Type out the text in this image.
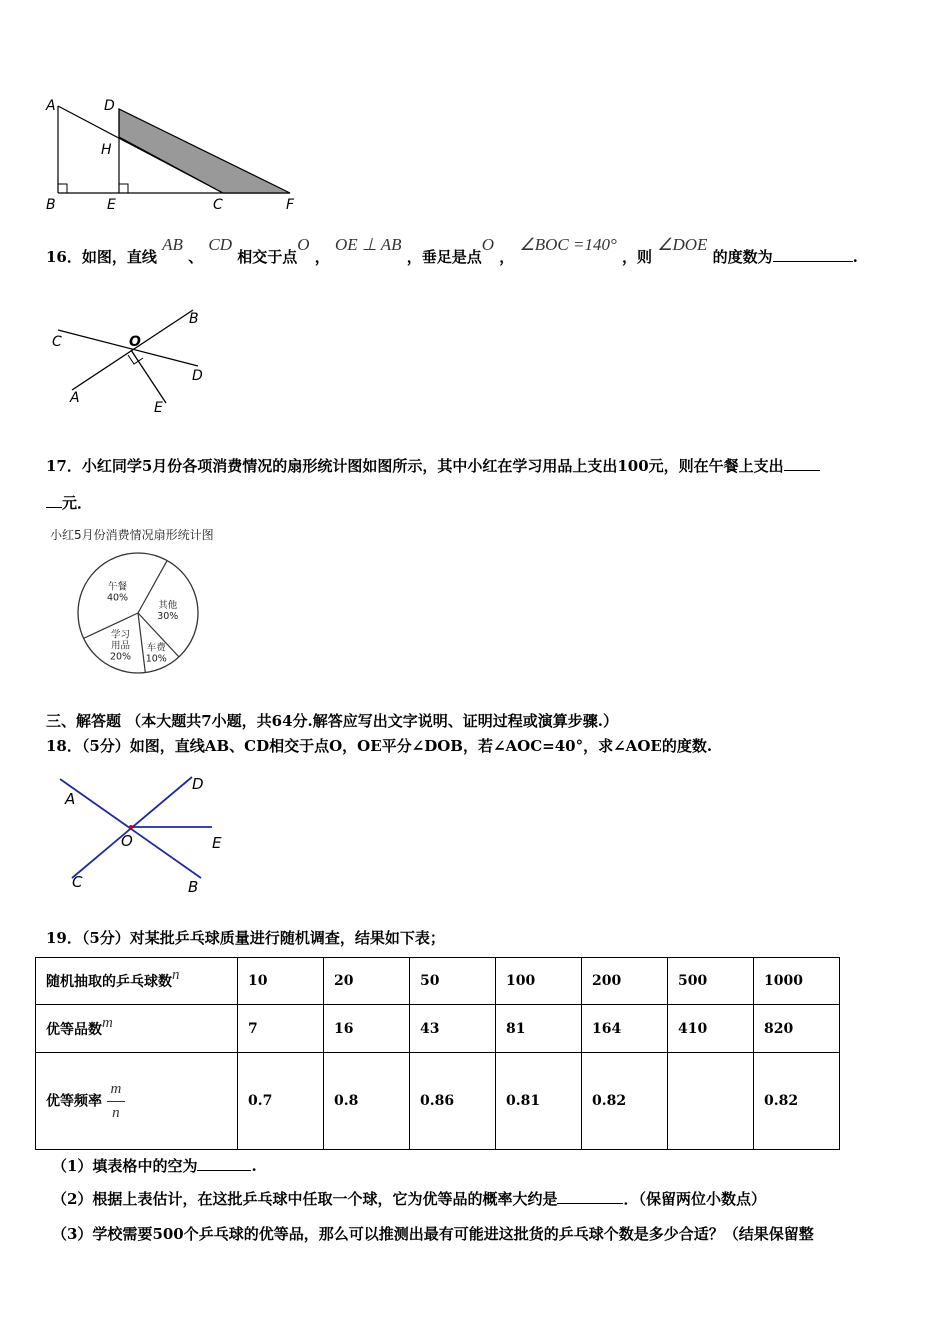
A	D
H
B	E	C	F
16．如图，直线 AB 、 CD 相交于点O ， OE ⊥ AB ，垂足是点O ， ∠BOC =140° ，则 ∠DOE 的度数为	.
C	O
B
D
A
E
17．小红同学5月份各项消费情况的扇形统计图如图所示，其中小红在学习用品上支出100元，则在午餐上支出
元．
小红5月份消费情况扇形统计图
午餐
40%
其他
30%
车费
10%
学习
用品
20%
三、解答题 （本大题共7小题，共64分.解答应写出文字说明、证明过程或演算步骤.）
18．（5分）如图，直线AB、CD相交于点O，OE平分∠DOB，若∠AOC=40°，求∠AOE的度数.
A
D
O	E
C	B
19．（5分）对某批乒乓球质量进行随机调查，结果如下表；
随机抽取的乒乓球数n	10	20	50	100	200	500	1000
优等品数m	7	16	43	81	164	410	820
优等频率 $\frac{m}{n}$	0.7	0.8	0.86	0.81	0.82		0.82
（1）填表格中的空为	.
（2）根据上表估计，在这批乒乓球中任取一个球，它为优等品的概率大约是	．（保留两位小数点）
（3）学校需要500个乒乓球的优等品，那么可以推测出最有可能进这批货的乒乓球个数是多少合适？（结果保留整
